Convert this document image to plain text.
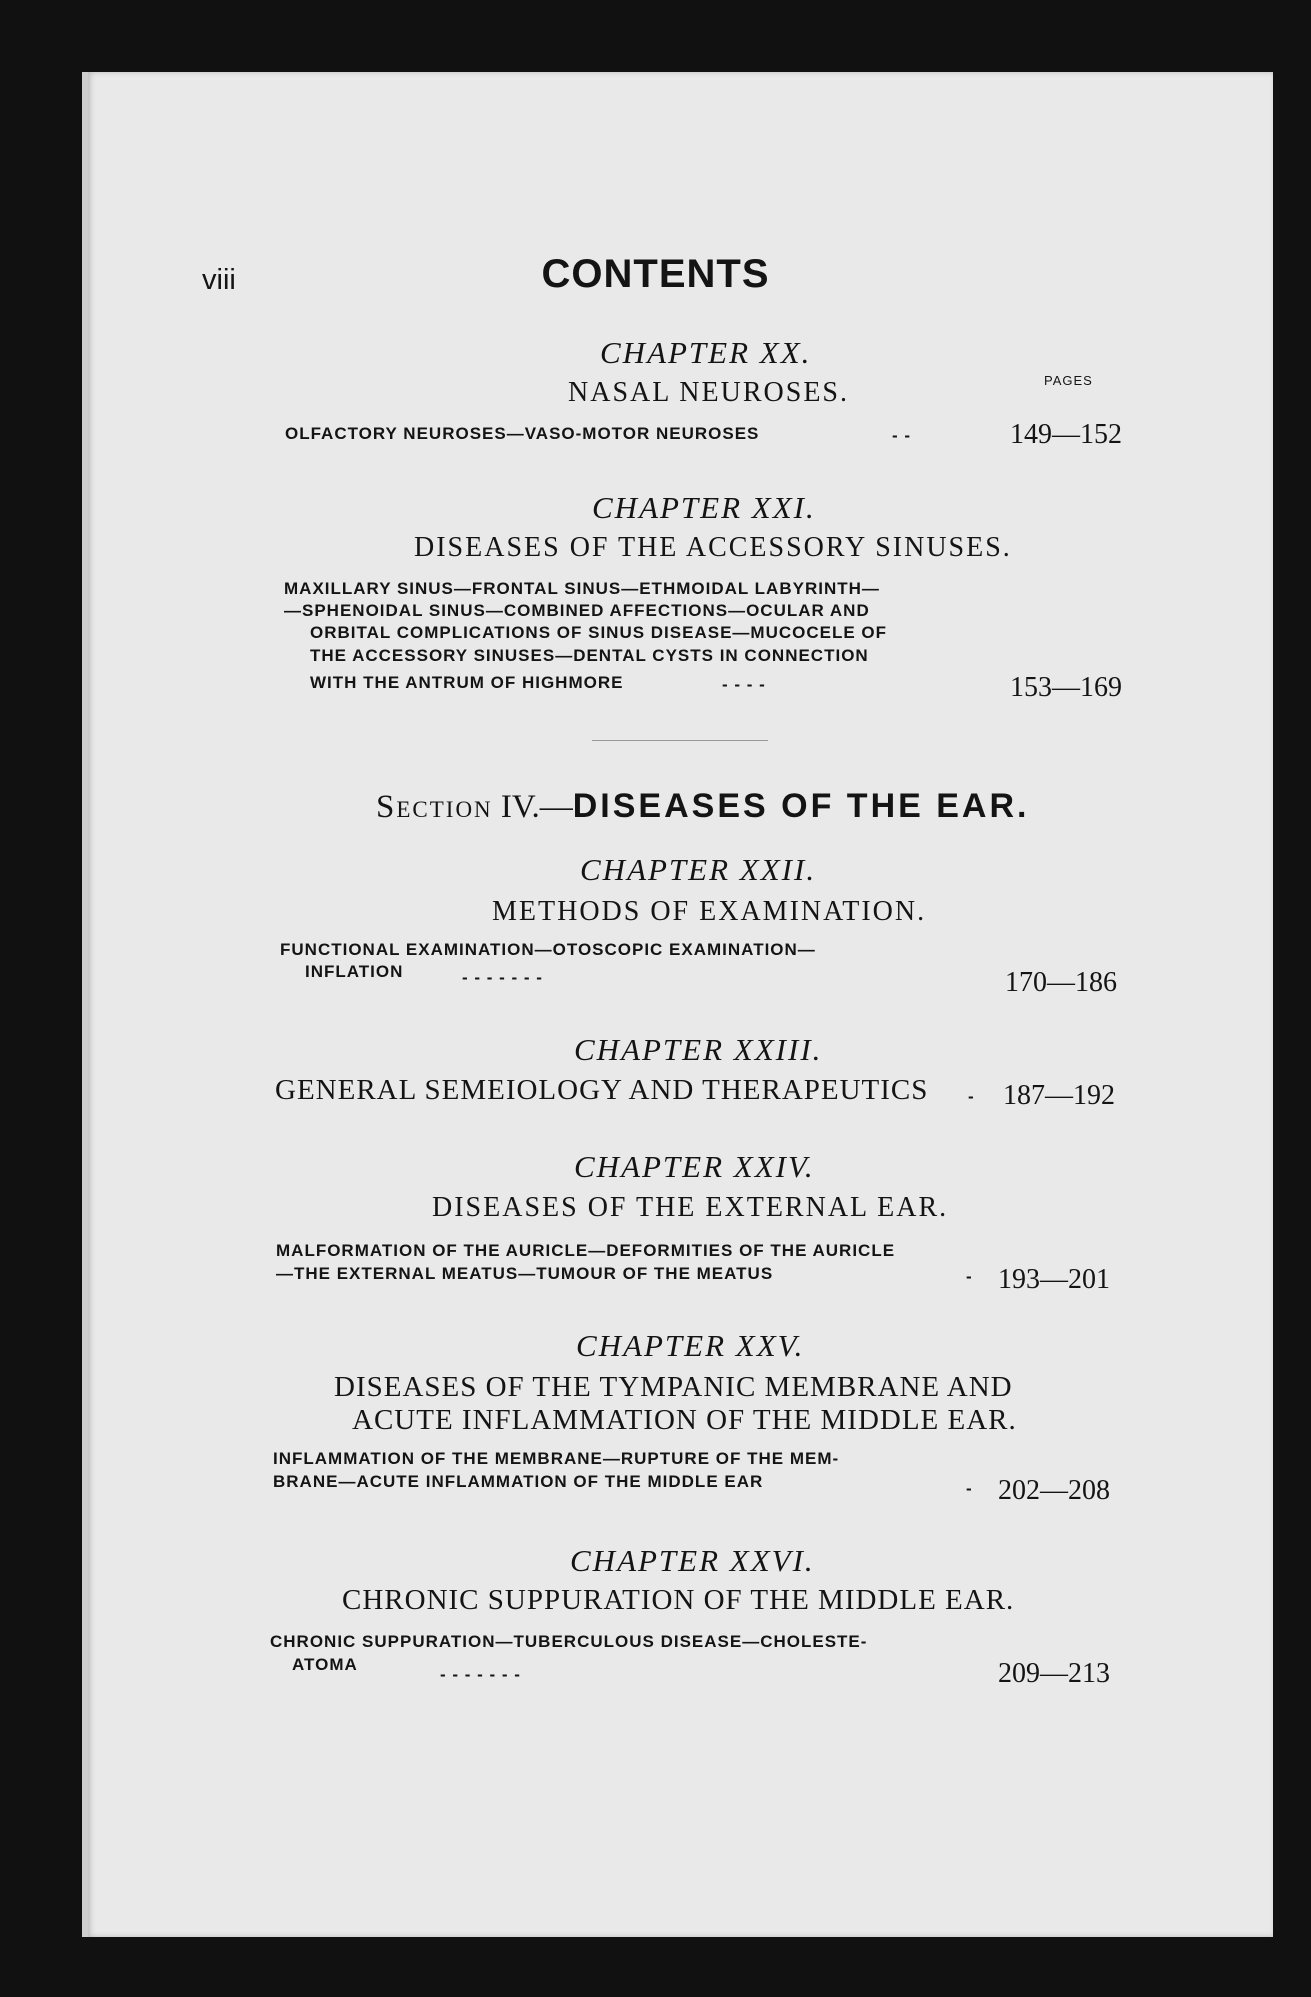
viii	CONTENTS
PAGES
CHAPTER XX.
NASAL NEUROSES.
OLFACTORY NEUROSES—VASO-MOTOR NEUROSES	- -	149—152
CHAPTER XXI.
DISEASES OF THE ACCESSORY SINUSES.
MAXILLARY SINUS—FRONTAL SINUS—ETHMOIDAL LABYRINTH—
—SPHENOIDAL SINUS—COMBINED AFFECTIONS—OCULAR AND
ORBITAL COMPLICATIONS OF SINUS DISEASE—MUCOCELE OF
THE ACCESSORY SINUSES—DENTAL CYSTS IN CONNECTION
WITH THE ANTRUM OF HIGHMORE	- - - -	153—169
Section IV.—DISEASES OF THE EAR.
CHAPTER XXII.
METHODS OF EXAMINATION.
FUNCTIONAL EXAMINATION—OTOSCOPIC EXAMINATION—
INFLATION	- - - - - - -	170—186
CHAPTER XXIII.
GENERAL SEMEIOLOGY AND THERAPEUTICS - 187—192
CHAPTER XXIV.
DISEASES OF THE EXTERNAL EAR.
MALFORMATION OF THE AURICLE—DEFORMITIES OF THE AURICLE
—THE EXTERNAL MEATUS—TUMOUR OF THE MEATUS	- 193—201
CHAPTER XXV.
DISEASES OF THE TYMPANIC MEMBRANE AND
ACUTE INFLAMMATION OF THE MIDDLE EAR.
INFLAMMATION OF THE MEMBRANE—RUPTURE OF THE MEM-
BRANE—ACUTE INFLAMMATION OF THE MIDDLE EAR	- 202—208
CHAPTER XXVI.
CHRONIC SUPPURATION OF THE MIDDLE EAR.
CHRONIC SUPPURATION—TUBERCULOUS DISEASE—CHOLESTE-
ATOMA
- - - - - - -	209—213
